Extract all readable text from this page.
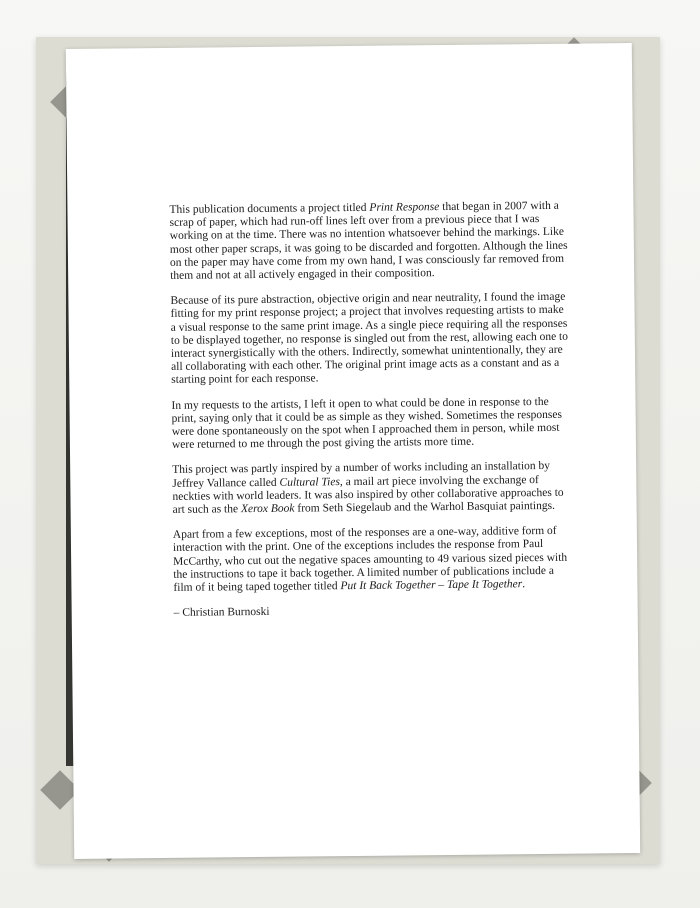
This publication documents a project titled Print Response that began in 2007 with a scrap of paper, which had run-off lines left over from a previous piece that I was working on at the time. There was no intention whatsoever behind the markings. Like most other paper scraps, it was going to be discarded and forgotten. Although the lines on the paper may have come from my own hand, I was consciously far removed from them and not at all actively engaged in their composition.

Because of its pure abstraction, objective origin and near neutrality, I found the image fitting for my print response project; a project that involves requesting artists to make a visual response to the same print image. As a single piece requiring all the responses to be displayed together, no response is singled out from the rest, allowing each one to interact synergistically with the others. Indirectly, somewhat unintentionally, they are all collaborating with each other. The original print image acts as a constant and as a starting point for each response.

In my requests to the artists, I left it open to what could be done in response to the print, saying only that it could be as simple as they wished. Sometimes the responses were done spontaneously on the spot when I approached them in person, while most were returned to me through the post giving the artists more time.

This project was partly inspired by a number of works including an installation by Jeffrey Vallance called Cultural Ties, a mail art piece involving the exchange of neckties with world leaders. It was also inspired by other collaborative approaches to art such as the Xerox Book from Seth Siegelaub and the Warhol Basquiat paintings.

Apart from a few exceptions, most of the responses are a one-way, additive form of interaction with the print. One of the exceptions includes the response from Paul McCarthy, who cut out the negative spaces amounting to 49 various sized pieces with the instructions to tape it back together. A limited number of publications include a film of it being taped together titled Put It Back Together – Tape It Together.

– Christian Burnoski
